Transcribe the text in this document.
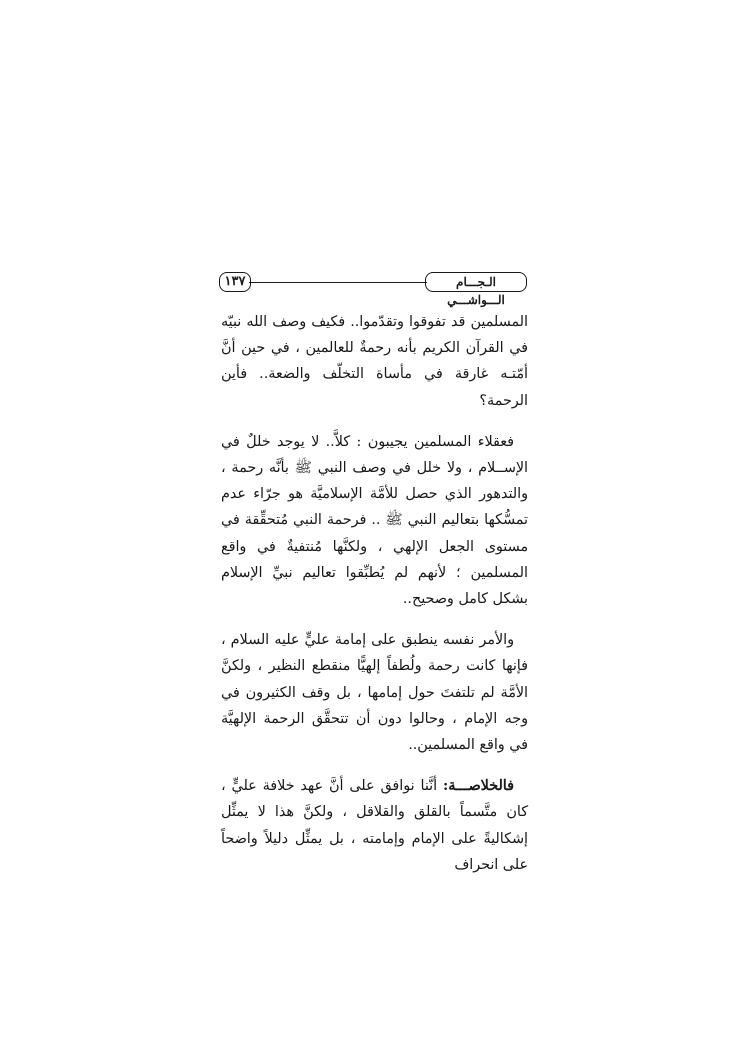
١٣٧	الـجـــام الـــواشـــي

المسلمين قد تفوقوا وتقدّموا.. فكيف وصف الله نبيّه في القرآن الكريم بأنه رحمةٌ للعالمين ، في حين أنَّ أمّتـه غارقة في مأساة التخلّف والضعة.. فأين الرحمة؟

فعقلاء المسلمين يجيبون : كلاَّ.. لا يوجد خللٌ في الإســلام ، ولا خلل في وصف النبي ﷺ بأنَّه رحمة ، والتدهور الذي حصل للأمَّة الإسلاميَّة هو جرّاء عدم تمسُّكها بتعاليم النبي ﷺ .. فرحمة النبي مُتحقِّقة في مستوى الجعل الإلهي ، ولكنَّها مُنتفيةٌ في واقع المسلمين ؛ لأنهم لم يُطبِّقوا تعاليم نبيِّ الإسلام بشكل كامل وصحيح..

والأمر نفسه ينطبق على إمامة عليٍّ عليه السلام ، فإنها كانت رحمة ولُطفاً إلهيًّا منقطع النظير ، ولكنَّ الأمَّة لم تلتفتَ حول إمامها ، بل وقف الكثيرون في وجه الإمام ، وحالوا دون أن تتحقَّق الرحمة الإلهيَّة في واقع المسلمين..

فالخلاصـــة: أنَّنا نوافق على أنَّ عهد خلافة عليٍّ ، كان متَّسماً بالقلق والقلاقل ، ولكنَّ هذا لا يمثِّل إشكاليةً على الإمام وإمامته ، بل يمثِّل دليلاً واضحاً على انحراف
